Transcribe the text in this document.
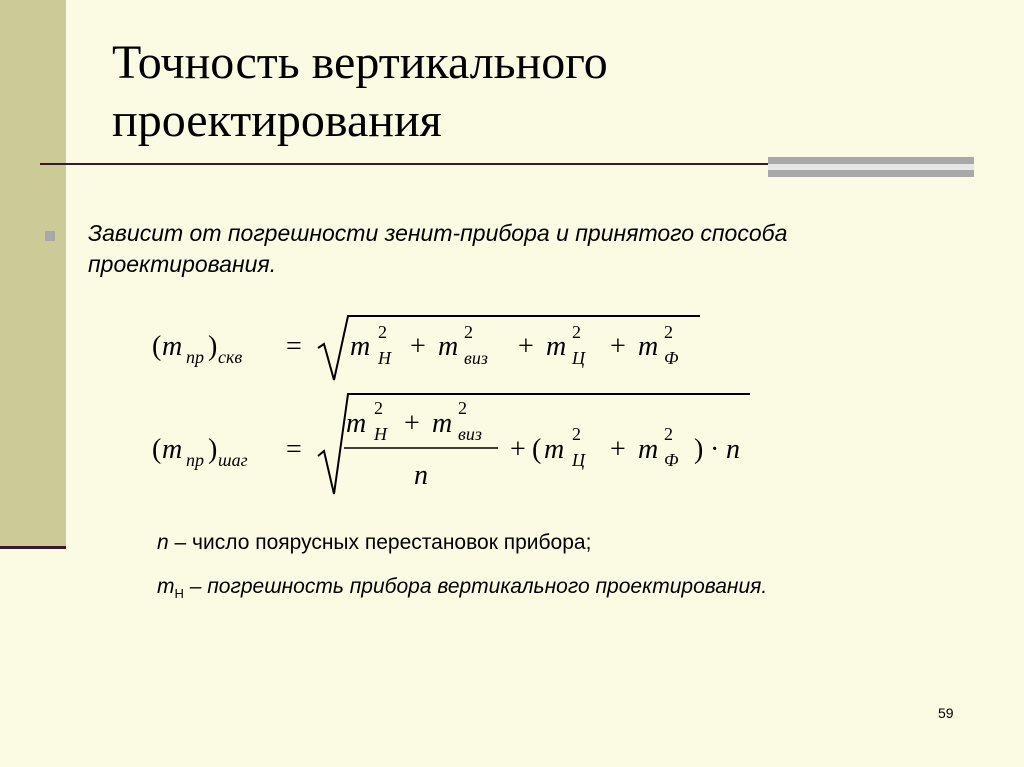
Точность вертикального
проектирования
Зависит от погрешности зенит-прибора и принятого способа проектирования.
( m пр ) скв = m Н
2 + m виз
2 + m Ц
2 + m Ф
2
( m пр ) шаг =
m Н
2 + m виз
2
n
+ ( m Ц
2 + m Ф
2 ) · n
n – число поярусных перестановок прибора;
$m_H$ – погрешность прибора вертикального проектирования.
59
